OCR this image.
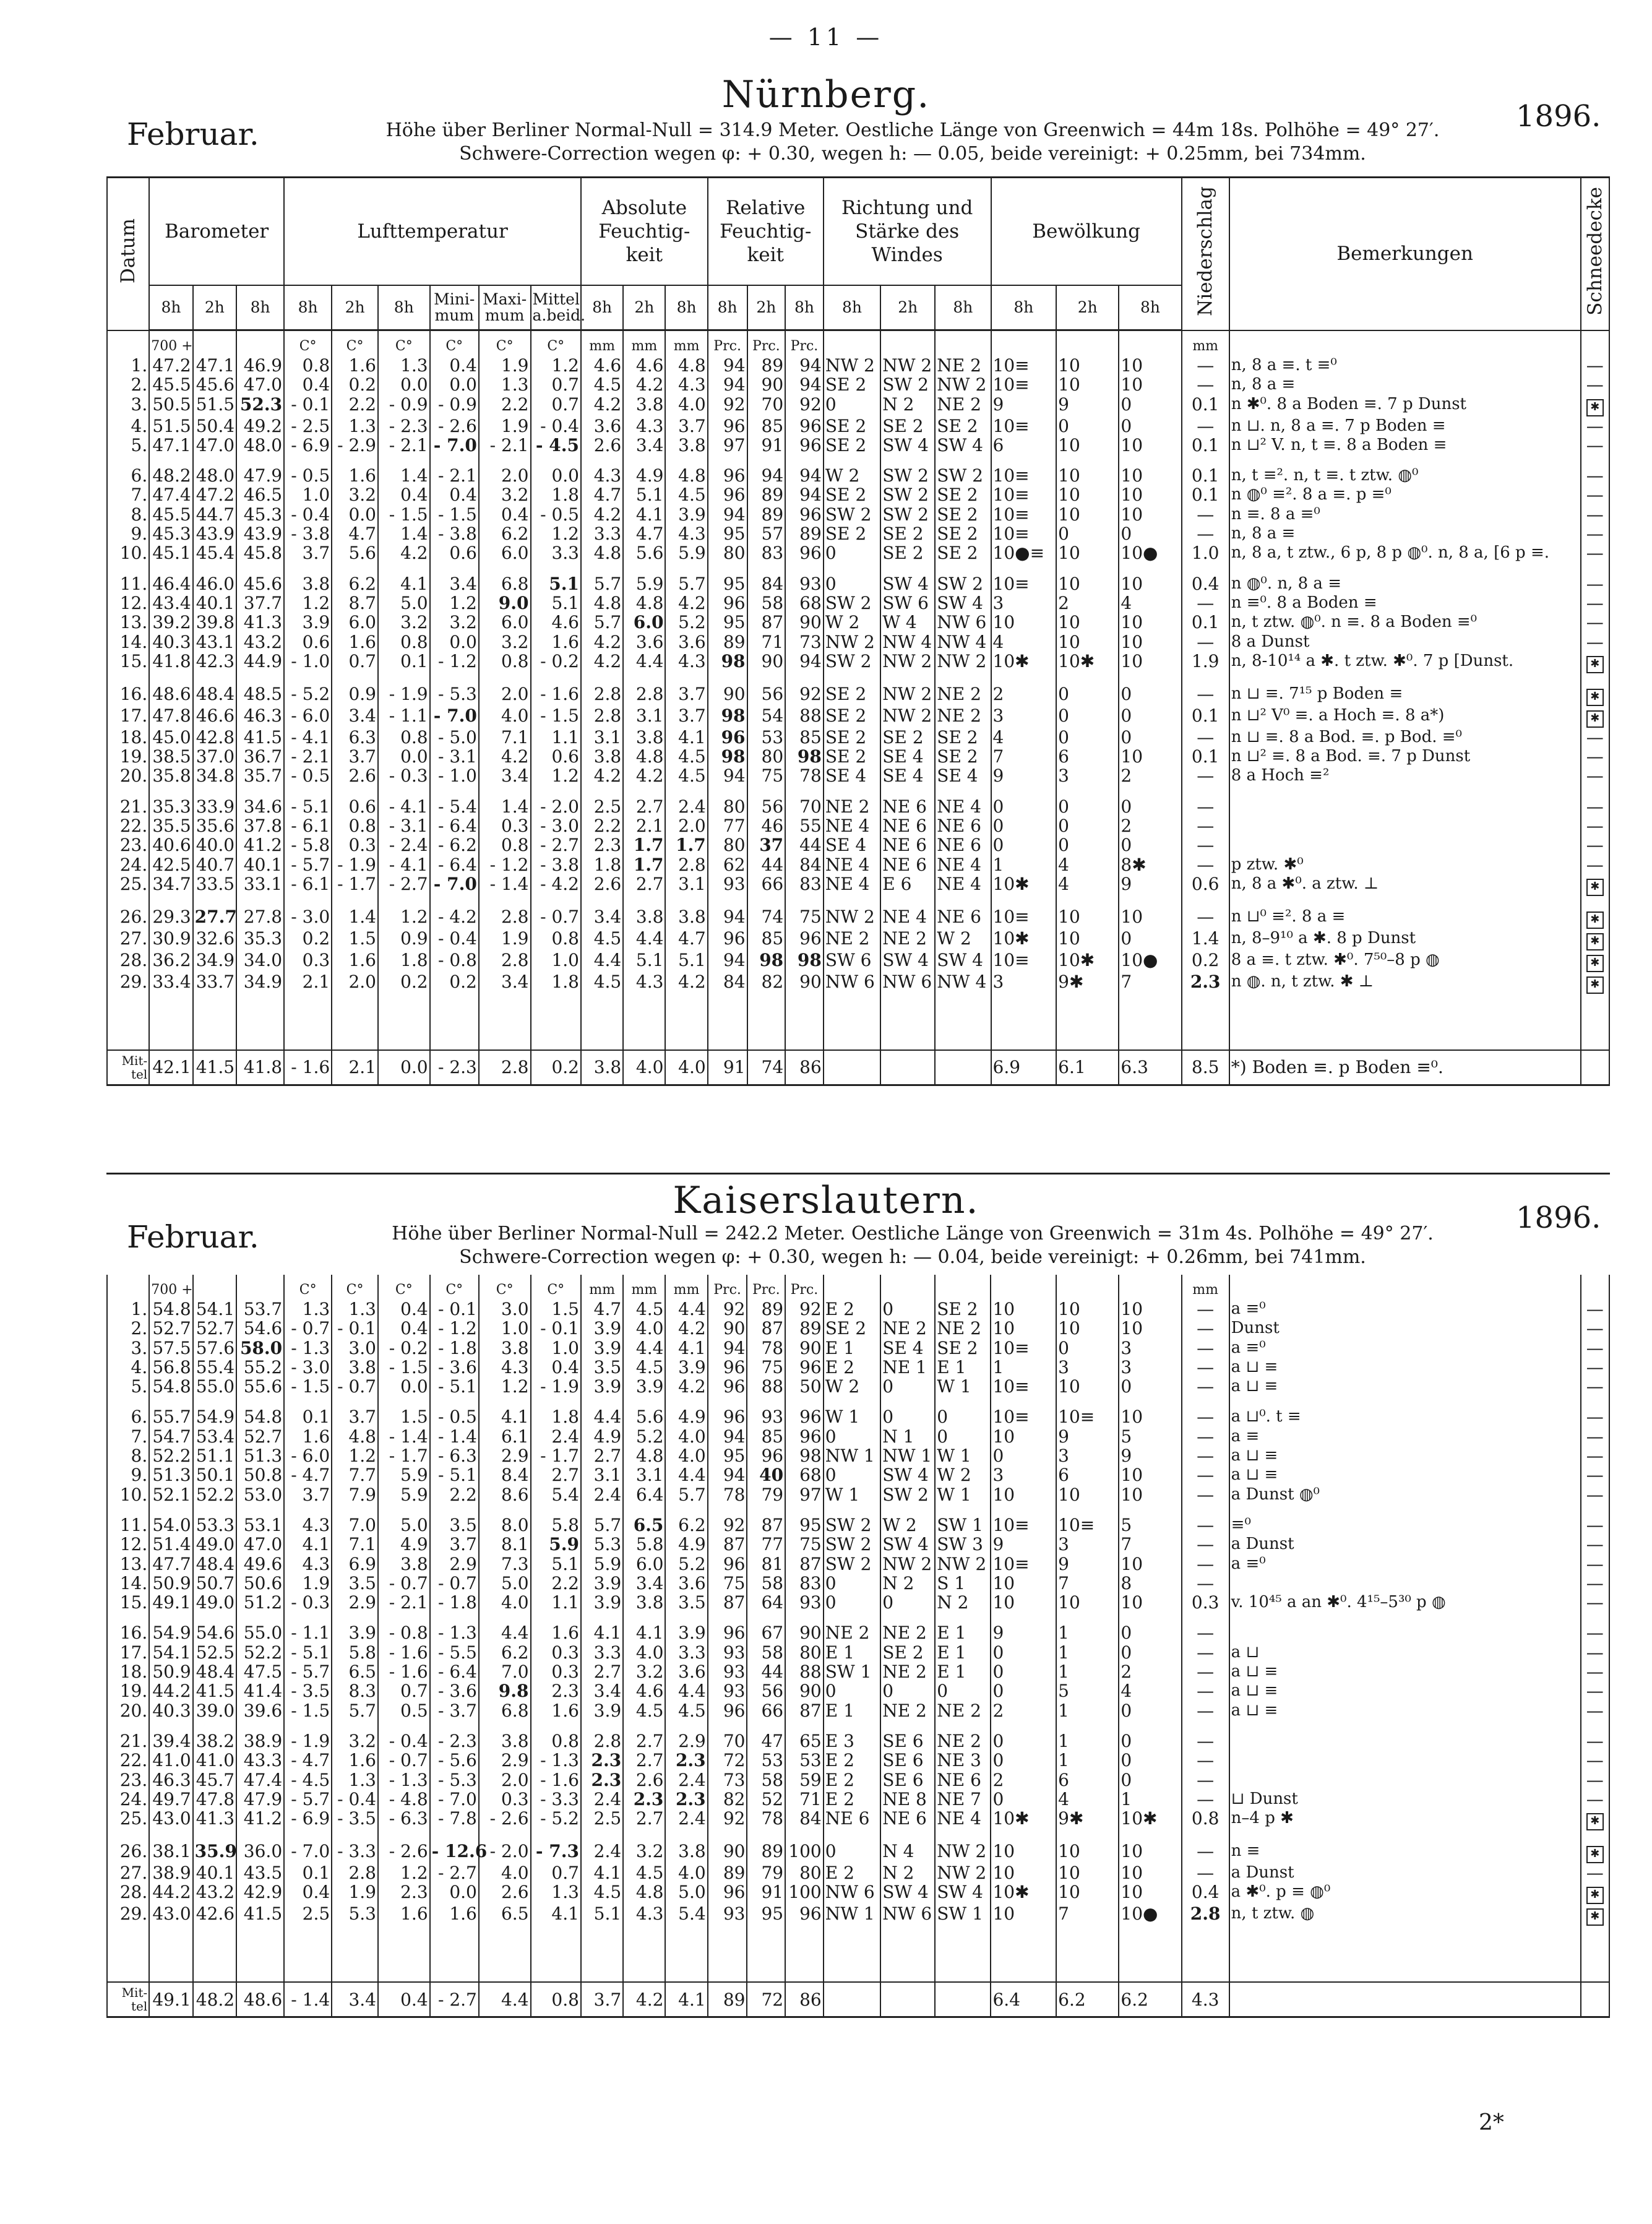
— 11 —
Nürnberg.
Februar.	1896.
Höhe über Berliner Normal-Null = 314.9 Meter. Oestliche Länge von Greenwich = 44m 18s. Polhöhe = 49° 27′.
Schwere-Correction wegen φ: + 0.30, wegen h: — 0.05, beide vereinigt: + 0.25mm, bei 734mm.
Datum	Barometer			Lufttemperatur						Absolute Feuchtig-keit			Relative Feuchtig-keit			Richtung und Stärke des Windes			Bewölkung			Niederschlag	Bemerkungen	Schneedecke
	8h	2h	8h	8h	2h	8h	Mini-mum	Maxi-mum	Mittel a.beid.	8h	2h	8h	8h	2h	8h	8h	2h	8h	8h	2h	8h			
	700 +			C°	C°	C°	C°	C°	C°	mm	mm	mm	Prc.	Prc.	Prc.							mm		
1.	47.2	47.1	46.9	0.8	1.6	1.3	0.4	1.9	1.2	4.6	4.6	4.8	94	89	94	NW 2	NW 2	NE 2	10≡	10	10	—	n, 8 a ≡. t ≡⁰	—
2.	45.5	45.6	47.0	0.4	0.2	0.0	0.0	1.3	0.7	4.5	4.2	4.3	94	90	94	SE 2	SW 2	NW 2	10≡	10	10	—	n, 8 a ≡	—
3.	50.5	51.5	52.3	- 0.1	2.2	- 0.9	- 0.9	2.2	0.7	4.2	3.8	4.0	92	70	92	0	N 2	NE 2	9	9	0	0.1	n ✱⁰. 8 a Boden ≡. 7 p Dunst	✱
4.	51.5	50.4	49.2	- 2.5	1.3	- 2.3	- 2.6	1.9	- 0.4	3.6	4.3	3.7	96	85	96	SE 2	SE 2	SE 2	10≡	0	0	—	n ⊔. n, 8 a ≡. 7 p Boden ≡	—
5.	47.1	47.0	48.0	- 6.9	- 2.9	- 2.1	- 7.0	- 2.1	- 4.5	2.6	3.4	3.8	97	91	96	SE 2	SW 4	SW 4	6	10	10	0.1	n ⊔² V. n, t ≡. 8 a Boden ≡	—

6.	48.2	48.0	47.9	- 0.5	1.6	1.4	- 2.1	2.0	0.0	4.3	4.9	4.8	96	94	94	W 2	SW 2	SW 2	10≡	10	10	0.1	n, t ≡². n, t ≡. t ztw. ◍⁰	—
7.	47.4	47.2	46.5	1.0	3.2	0.4	0.4	3.2	1.8	4.7	5.1	4.5	96	89	94	SE 2	SW 2	SE 2	10≡	10	10	0.1	n ◍⁰ ≡². 8 a ≡. p ≡⁰	—
8.	45.5	44.7	45.3	- 0.4	0.0	- 1.5	- 1.5	0.4	- 0.5	4.2	4.1	3.9	94	89	96	SW 2	SW 2	SE 2	10≡	10	10	—	n ≡. 8 a ≡⁰	—
9.	45.3	43.9	43.9	- 3.8	4.7	1.4	- 3.8	6.2	1.2	3.3	4.7	4.3	95	57	89	SE 2	SE 2	SE 2	10≡	0	0	—	n, 8 a ≡	—
10.	45.1	45.4	45.8	3.7	5.6	4.2	0.6	6.0	3.3	4.8	5.6	5.9	80	83	96	0	SE 2	SE 2	10●≡	10	10●	1.0	n, 8 a, t ztw., 6 p, 8 p ◍⁰. n, 8 a, [6 p ≡.	—

11.	46.4	46.0	45.6	3.8	6.2	4.1	3.4	6.8	5.1	5.7	5.9	5.7	95	84	93	0	SW 4	SW 2	10≡	10	10	0.4	n ◍⁰. n, 8 a ≡	—
12.	43.4	40.1	37.7	1.2	8.7	5.0	1.2	9.0	5.1	4.8	4.8	4.2	96	58	68	SW 2	SW 6	SW 4	3	2	4	—	n ≡⁰. 8 a Boden ≡	—
13.	39.2	39.8	41.3	3.9	6.0	3.2	3.2	6.0	4.6	5.7	6.0	5.2	95	87	90	W 2	W 4	NW 6	10	10	10	0.1	n, t ztw. ◍⁰. n ≡. 8 a Boden ≡⁰	—
14.	40.3	43.1	43.2	0.6	1.6	0.8	0.0	3.2	1.6	4.2	3.6	3.6	89	71	73	NW 2	NW 4	NW 4	4	10	10	—	8 a Dunst	—
15.	41.8	42.3	44.9	- 1.0	0.7	0.1	- 1.2	0.8	- 0.2	4.2	4.4	4.3	98	90	94	SW 2	NW 2	NW 2	10✱	10✱	10	1.9	n, 8-10¹⁴ a ✱. t ztw. ✱⁰. 7 p [Dunst.	✱

16.	48.6	48.4	48.5	- 5.2	0.9	- 1.9	- 5.3	2.0	- 1.6	2.8	2.8	3.7	90	56	92	SE 2	NW 2	NE 2	2	0	0	—	n ⊔ ≡. 7¹⁵ p Boden ≡	✱
17.	47.8	46.6	46.3	- 6.0	3.4	- 1.1	- 7.0	4.0	- 1.5	2.8	3.1	3.7	98	54	88	SE 2	NW 2	NE 2	3	0	0	0.1	n ⊔² V⁰ ≡. a Hoch ≡. 8 a*)	✱
18.	45.0	42.8	41.5	- 4.1	6.3	0.8	- 5.0	7.1	1.1	3.1	3.8	4.1	96	53	85	SE 2	SE 2	SE 2	4	0	0	—	n ⊔ ≡. 8 a Bod. ≡. p Bod. ≡⁰	—
19.	38.5	37.0	36.7	- 2.1	3.7	0.0	- 3.1	4.2	0.6	3.8	4.8	4.5	98	80	98	SE 2	SE 4	SE 2	7	6	10	0.1	n ⊔² ≡. 8 a Bod. ≡. 7 p Dunst	—
20.	35.8	34.8	35.7	- 0.5	2.6	- 0.3	- 1.0	3.4	1.2	4.2	4.2	4.5	94	75	78	SE 4	SE 4	SE 4	9	3	2	—	8 a Hoch ≡²	—

21.	35.3	33.9	34.6	- 5.1	0.6	- 4.1	- 5.4	1.4	- 2.0	2.5	2.7	2.4	80	56	70	NE 2	NE 6	NE 4	0	0	0	—		—
22.	35.5	35.6	37.8	- 6.1	0.8	- 3.1	- 6.4	0.3	- 3.0	2.2	2.1	2.0	77	46	55	NE 4	NE 6	NE 6	0	0	2	—		—
23.	40.6	40.0	41.2	- 5.8	0.3	- 2.4	- 6.2	0.8	- 2.7	2.3	1.7	1.7	80	37	44	SE 4	NE 6	NE 6	0	0	0	—		—
24.	42.5	40.7	40.1	- 5.7	- 1.9	- 4.1	- 6.4	- 1.2	- 3.8	1.8	1.7	2.8	62	44	84	NE 4	NE 6	NE 4	1	4	8✱	—	p ztw. ✱⁰	—
25.	34.7	33.5	33.1	- 6.1	- 1.7	- 2.7	- 7.0	- 1.4	- 4.2	2.6	2.7	3.1	93	66	83	NE 4	E 6	NE 4	10✱	4	9	0.6	n, 8 a ✱⁰. a ztw. ⊥	✱

26.	29.3	27.7	27.8	- 3.0	1.4	1.2	- 4.2	2.8	- 0.7	3.4	3.8	3.8	94	74	75	NW 2	NE 4	NE 6	10≡	10	10	—	n ⊔⁰ ≡². 8 a ≡	✱
27.	30.9	32.6	35.3	0.2	1.5	0.9	- 0.4	1.9	0.8	4.5	4.4	4.7	96	85	96	NE 2	NE 2	W 2	10✱	10	0	1.4	n, 8–9¹⁰ a ✱. 8 p Dunst	✱
28.	36.2	34.9	34.0	0.3	1.6	1.8	- 0.8	2.8	1.0	4.4	5.1	5.1	94	98	98	SW 6	SW 4	SW 4	10≡	10✱	10●	0.2	8 a ≡. t ztw. ✱⁰. 7⁵⁰–8 p ◍	✱
29.	33.4	33.7	34.9	2.1	2.0	0.2	0.2	3.4	1.8	4.5	4.3	4.2	84	82	90	NW 6	NW 6	NW 4	3	9✱	7	2.3	n ◍. n, t ztw. ✱ ⊥	✱

Mit-tel	42.1	41.5	41.8	- 1.6	2.1	0.0	- 2.3	2.8	0.2	3.8	4.0	4.0	91	74	86				6.9	6.1	6.3	8.5	*) Boden ≡. p Boden ≡⁰.	

Kaiserslautern.
Februar.
1896.
Höhe über Berliner Normal-Null = 242.2 Meter. Oestliche Länge von Greenwich = 31m 4s. Polhöhe = 49° 27′.
Schwere-Correction wegen φ: + 0.30, wegen h: — 0.04, beide vereinigt: + 0.26mm, bei 741mm.
	700 +			C°	C°	C°	C°	C°	C°	mm	mm	mm	Prc.	Prc.	Prc.							mm		
1.	54.8	54.1	53.7	1.3	1.3	0.4	- 0.1	3.0	1.5	4.7	4.5	4.4	92	89	92	E 2	0	SE 2	10	10	10	—	a ≡⁰	—
2.	52.7	52.7	54.6	- 0.7	- 0.1	0.4	- 1.2	1.0	- 0.1	3.9	4.0	4.2	90	87	89	SE 2	NE 2	NE 2	10	10	10	—	Dunst	—
3.	57.5	57.6	58.0	- 1.3	3.0	- 0.2	- 1.8	3.8	1.0	3.9	4.4	4.1	94	78	90	E 1	SE 4	SE 2	10≡	0	3	—	a ≡⁰	—
4.	56.8	55.4	55.2	- 3.0	3.8	- 1.5	- 3.6	4.3	0.4	3.5	4.5	3.9	96	75	96	E 2	NE 1	E 1	1	3	3	—	a ⊔ ≡	—
5.	54.8	55.0	55.6	- 1.5	- 0.7	0.0	- 5.1	1.2	- 1.9	3.9	3.9	4.2	96	88	50	W 2	0	W 1	10≡	10	0	—	a ⊔ ≡	—

6.	55.7	54.9	54.8	0.1	3.7	1.5	- 0.5	4.1	1.8	4.4	5.6	4.9	96	93	96	W 1	0	0	10≡	10≡	10	—	a ⊔⁰. t ≡	—
7.	54.7	53.4	52.7	1.6	4.8	- 1.4	- 1.4	6.1	2.4	4.9	5.2	4.0	94	85	96	0	N 1	0	10	9	5	—	a ≡	—
8.	52.2	51.1	51.3	- 6.0	1.2	- 1.7	- 6.3	2.9	- 1.7	2.7	4.8	4.0	95	96	98	NW 1	NW 1	W 1	0	3	9	—	a ⊔ ≡	—
9.	51.3	50.1	50.8	- 4.7	7.7	5.9	- 5.1	8.4	2.7	3.1	3.1	4.4	94	40	68	0	SW 4	W 2	3	6	10	—	a ⊔ ≡	—
10.	52.1	52.2	53.0	3.7	7.9	5.9	2.2	8.6	5.4	2.4	6.4	5.7	78	79	97	W 1	SW 2	W 1	10	10	10	—	a Dunst ◍⁰	—

11.	54.0	53.3	53.1	4.3	7.0	5.0	3.5	8.0	5.8	5.7	6.5	6.2	92	87	95	SW 2	W 2	SW 1	10≡	10≡	5	—	≡⁰	—
12.	51.4	49.0	47.0	4.1	7.1	4.9	3.7	8.1	5.9	5.3	5.8	4.9	87	77	75	SW 2	SW 4	SW 3	9	3	7	—	a Dunst	—
13.	47.7	48.4	49.6	4.3	6.9	3.8	2.9	7.3	5.1	5.9	6.0	5.2	96	81	87	SW 2	NW 2	NW 2	10≡	9	10	—	a ≡⁰	—
14.	50.9	50.7	50.6	1.9	3.5	- 0.7	- 0.7	5.0	2.2	3.9	3.4	3.6	75	58	83	0	N 2	S 1	10	7	8	—		—
15.	49.1	49.0	51.2	- 0.3	2.9	- 2.1	- 1.8	4.0	1.1	3.9	3.8	3.5	87	64	93	0	0	N 2	10	10	10	0.3	v. 10⁴⁵ a an ✱⁰. 4¹⁵–5³⁰ p ◍	—

16.	54.9	54.6	55.0	- 1.1	3.9	- 0.8	- 1.3	4.4	1.6	4.1	4.1	3.9	96	67	90	NE 2	NE 2	E 1	9	1	0	—		—
17.	54.1	52.5	52.2	- 5.1	5.8	- 1.6	- 5.5	6.2	0.3	3.3	4.0	3.3	93	58	80	E 1	SE 2	E 1	0	1	0	—	a ⊔	—
18.	50.9	48.4	47.5	- 5.7	6.5	- 1.6	- 6.4	7.0	0.3	2.7	3.2	3.6	93	44	88	SW 1	NE 2	E 1	0	1	2	—	a ⊔ ≡	—
19.	44.2	41.5	41.4	- 3.5	8.3	0.7	- 3.6	9.8	2.3	3.4	4.6	4.4	93	56	90	0	0	0	0	5	4	—	a ⊔ ≡	—
20.	40.3	39.0	39.6	- 1.5	5.7	0.5	- 3.7	6.8	1.6	3.9	4.5	4.5	96	66	87	E 1	NE 2	NE 2	2	1	0	—	a ⊔ ≡	—

21.	39.4	38.2	38.9	- 1.9	3.2	- 0.4	- 2.3	3.8	0.8	2.8	2.7	2.9	70	47	65	E 3	SE 6	NE 2	0	1	0	—		—
22.	41.0	41.0	43.3	- 4.7	1.6	- 0.7	- 5.6	2.9	- 1.3	2.3	2.7	2.3	72	53	53	E 2	SE 6	NE 3	0	1	0	—		—
23.	46.3	45.7	47.4	- 4.5	1.3	- 1.3	- 5.3	2.0	- 1.6	2.3	2.6	2.4	73	58	59	E 2	SE 6	NE 6	2	6	0	—		—
24.	49.7	47.8	47.9	- 5.7	- 0.4	- 4.8	- 7.0	0.3	- 3.3	2.4	2.3	2.3	82	52	71	E 2	NE 8	NE 7	0	4	1	—	⊔ Dunst	—
25.	43.0	41.3	41.2	- 6.9	- 3.5	- 6.3	- 7.8	- 2.6	- 5.2	2.5	2.7	2.4	92	78	84	NE 6	NE 6	NE 4	10✱	9✱	10✱	0.8	n–4 p ✱	✱

26.	38.1	35.9	36.0	- 7.0	- 3.3	- 2.6	- 12.6	- 2.0	- 7.3	2.4	3.2	3.8	90	89	100	0	N 4	NW 2	10	10	10	—	n ≡	✱
27.	38.9	40.1	43.5	0.1	2.8	1.2	- 2.7	4.0	0.7	4.1	4.5	4.0	89	79	80	E 2	N 2	NW 2	10	10	10	—	a Dunst	—
28.	44.2	43.2	42.9	0.4	1.9	2.3	0.0	2.6	1.3	4.5	4.8	5.0	96	91	100	NW 6	SW 4	SW 4	10✱	10	10	0.4	a ✱⁰. p ≡ ◍⁰	✱
29.	43.0	42.6	41.5	2.5	5.3	1.6	1.6	6.5	4.1	5.1	4.3	5.4	93	95	96	NW 1	NW 6	SW 1	10	7	10●	2.8	n, t ztw. ◍	✱

Mit-tel	49.1	48.2	48.6	- 1.4	3.4	0.4	- 2.7	4.4	0.8	3.7	4.2	4.1	89	72	86				6.4	6.2	6.2	4.3		

2*
